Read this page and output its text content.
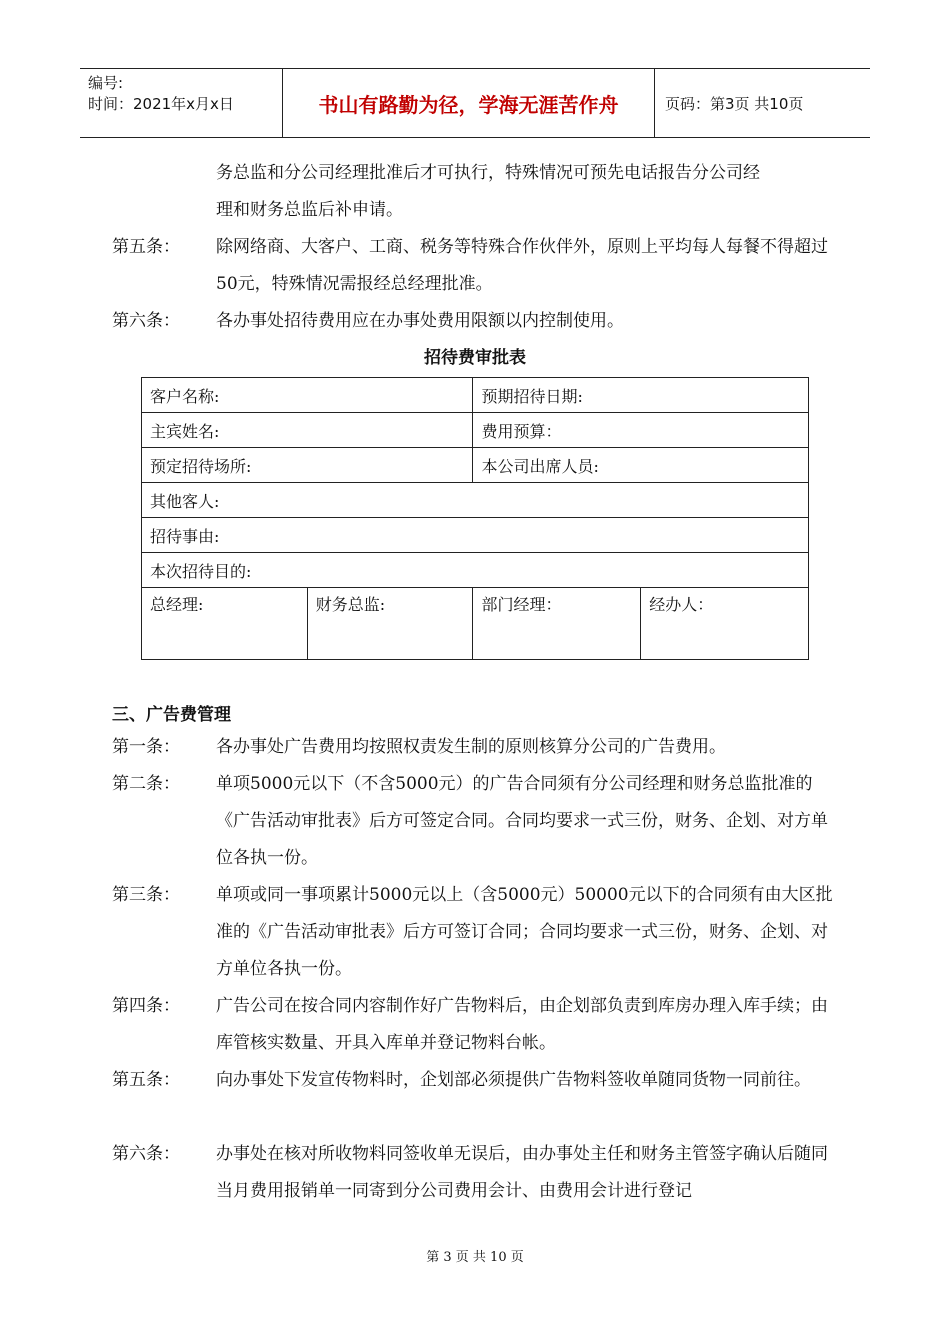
编号:
时间：2021年x月x日	书山有路勤为径，学海无涯苦作舟	页码：第3页 共10页
务总监和分公司经理批准后才可执行，特殊情况可预先电话报告分公司经
理和财务总监后补申请。
第五条： 除网络商、大客户、工商、税务等特殊合作伙伴外，原则上平均每人每餐不得超过50元，特殊情况需报经总经理批准。
第六条： 各办事处招待费用应在办事处费用限额以内控制使用。
招待费审批表
客户名称:		预期招待日期:	
主宾姓名:		费用预算：	
预定招待场所:		本公司出席人员:	
其他客人:			
招待事由:			
本次招待目的:			
总经理:	财务总监:	部门经理：	经办人：
三、广告费管理
第一条： 各办事处广告费用均按照权责发生制的原则核算分公司的广告费用。
第二条： 单项5000元以下（不含5000元）的广告合同须有分公司经理和财务总监批准的《广告活动审批表》后方可签定合同。合同均要求一式三份，财务、企划、对方单位各执一份。
第三条： 单项或同一事项累计5000元以上（含5000元）50000元以下的合同须有由大区批准的《广告活动审批表》后方可签订合同；合同均要求一式三份，财务、企划、对方单位各执一份。
第四条： 广告公司在按合同内容制作好广告物料后，由企划部负责到库房办理入库手续；由库管核实数量、开具入库单并登记物料台帐。
第五条： 向办事处下发宣传物料时，企划部必须提供广告物料签收单随同货物一同前往。
第六条： 办事处在核对所收物料同签收单无误后，由办事处主任和财务主管签字确认后随同当月费用报销单一同寄到分公司费用会计、由费用会计进行登记
第 3 页 共 10 页
